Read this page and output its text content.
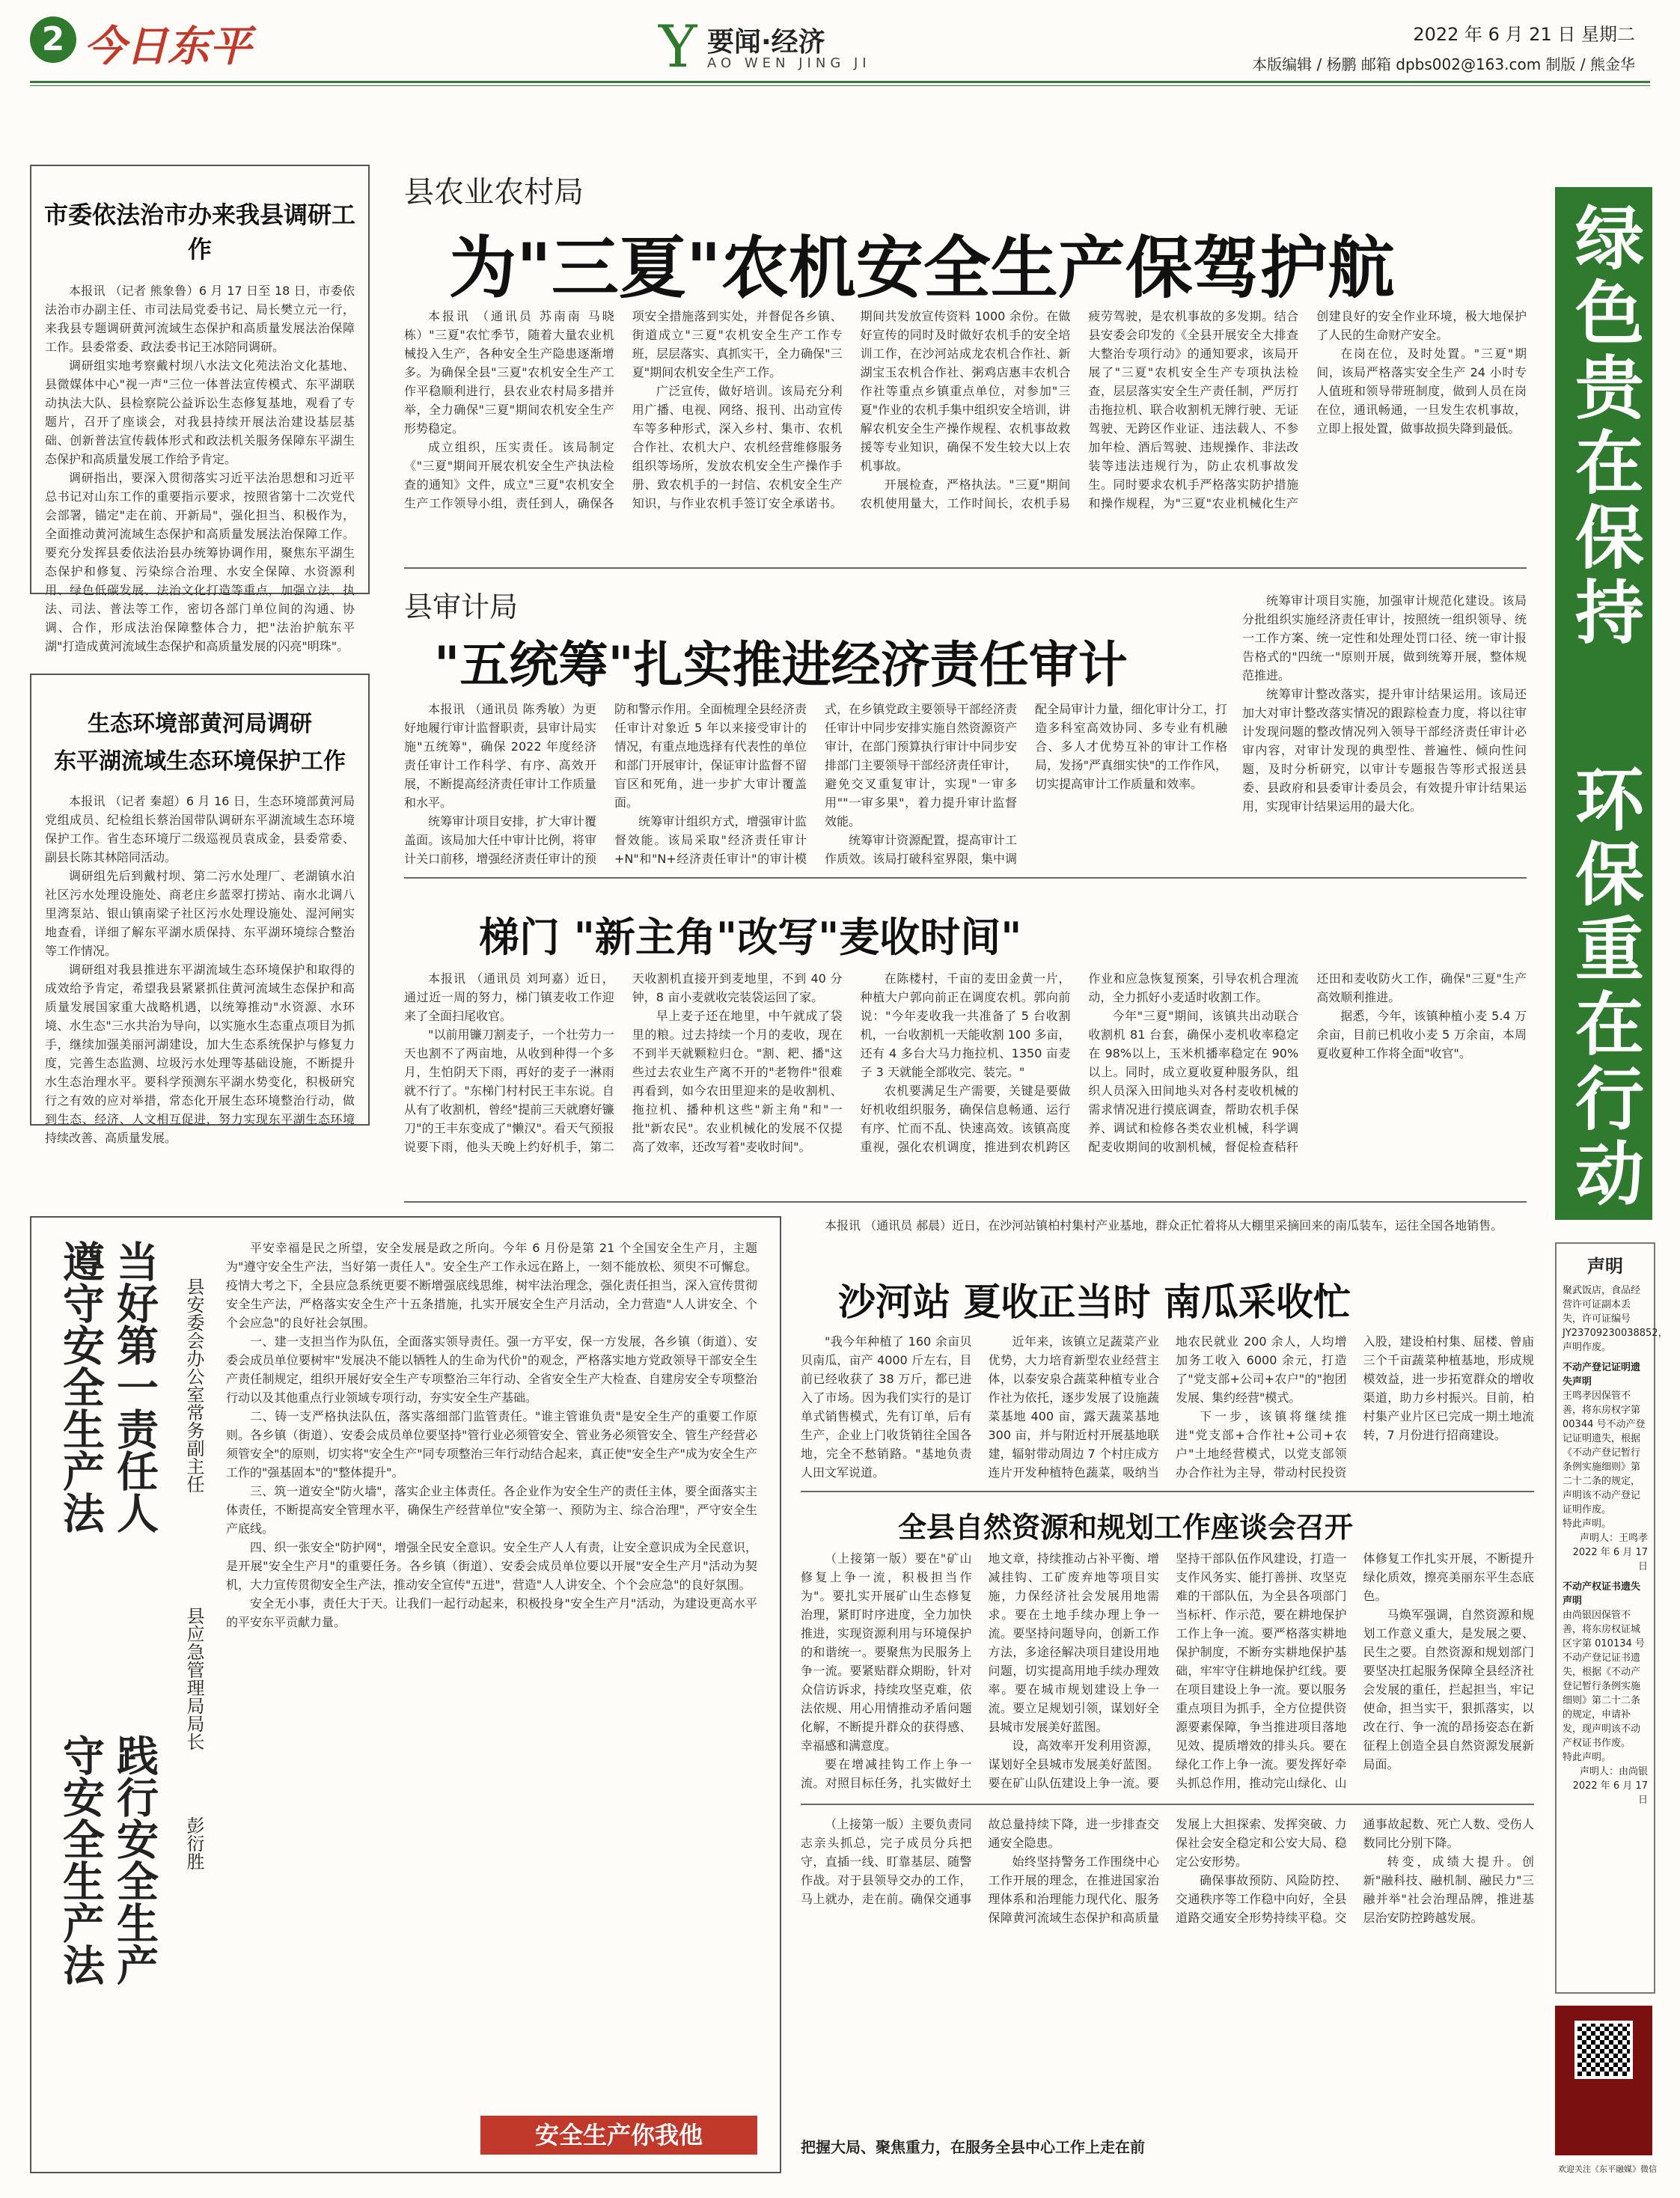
2 今日东平	Y 要闻·经济
AO WEN JING JI
2022 年 6 月 21 日 星期二
本版编辑 / 杨鹏 邮箱 dpbs002@163.com 制版 / 熊金华
市委依法治市办来我县调研工作

本报讯 （记者 熊象鲁）6 月 17 日至 18 日，市委依法治市办副主任、市司法局党委书记、局长樊立元一行，来我县专题调研黄河流域生态保护和高质量发展法治保障工作。县委常委、政法委书记王冰陪同调研。

调研组实地考察戴村坝八水法文化苑法治文化基地、县微媒体中心"视一声"三位一体普法宣传模式、东平湖联动执法大队、县检察院公益诉讼生态修复基地，观看了专题片，召开了座谈会，对我县持续开展法治建设基层基础、创新普法宣传载体形式和政法机关服务保障东平湖生态保护和高质量发展工作给予肯定。

调研指出，要深入贯彻落实习近平法治思想和习近平总书记对山东工作的重要指示要求，按照省第十二次党代会部署，锚定"走在前、开新局"，强化担当、积极作为，全面推动黄河流域生态保护和高质量发展法治保障工作。要充分发挥县委依法治县办统筹协调作用，聚焦东平湖生态保护和修复、污染综合治理、水安全保障、水资源利用、绿色低碳发展、法治文化打造等重点，加强立法、执法、司法、普法等工作，密切各部门单位间的沟通、协调、合作，形成法治保障整体合力，把"法治护航东平湖"打造成黄河流域生态保护和高质量发展的闪亮"明珠"。

生态环境部黄河局调研
东平湖流域生态环境保护工作

本报讯 （记者 秦超）6 月 16 日，生态环境部黄河局党组成员、纪检组长蔡治国带队调研东平湖流域生态环境保护工作。省生态环境厅二级巡视员袁成金，县委常委、副县长陈其林陪同活动。

调研组先后到戴村坝、第二污水处理厂、老湖镇水泊社区污水处理设施处、商老庄乡蓝翠打捞站、南水北调八里湾泵站、银山镇南梁子社区污水处理设施处、湿河闸实地查看，详细了解东平湖水质保持、东平湖环境综合整治等工作情况。

调研组对我县推进东平湖流域生态环境保护和取得的成效给予肯定，希望我县紧紧抓住黄河流域生态保护和高质量发展国家重大战略机遇，以统筹推动"水资源、水环境、水生态"三水共治为导向，以实施水生态重点项目为抓手，继续加强美丽河湖建设，加大生态系统保护与修复力度，完善生态监测、垃圾污水处理等基础设施，不断提升水生态治理水平。要科学预测东平湖水势变化，积极研究行之有效的应对举措，常态化开展生态环境整治行动，做到生态、经济、人文相互促进，努力实现东平湖生态环境持续改善、高质量发展。

县农业农村局
为"三夏"农机安全生产保驾护航

本报讯 （通讯员 苏南南 马晓栋）"三夏"农忙季节，随着大量农业机械投入生产，各种安全生产隐患逐渐增多。为确保全县"三夏"农机安全生产工作平稳顺利进行，县农业农村局多措并举，全力确保"三夏"期间农机安全生产形势稳定。

成立组织，压实责任。该局制定《"三夏"期间开展农机安全生产执法检查的通知》文件，成立"三夏"农机安全生产工作领导小组，责任到人，确保各项安全措施落到实处，并督促各乡镇、街道成立"三夏"农机安全生产工作专班，层层落实、真抓实干，全力确保"三夏"期间农机安全生产工作。

广泛宣传，做好培训。该局充分利用广播、电视、网络、报刊、出动宣传车等多种形式，深入乡村、集市、农机合作社、农机大户、农机经营维修服务组织等场所，发放农机安全生产操作手册、致农机手的一封信、农机安全生产知识，与作业农机手签订安全承诺书。期间共发放宣传资料 1000 余份。在做好宣传的同时及时做好农机手的安全培训工作，在沙河站成龙农机合作社、新湖宝玉农机合作社、粥鸡店惠丰农机合作社等重点乡镇重点单位，对参加"三夏"作业的农机手集中组织安全培训，讲解农机安全生产操作规程、农机事故救援等专业知识，确保不发生较大以上农机事故。

开展检查，严格执法。"三夏"期间农机使用量大，工作时间长，农机手易疲劳驾驶，是农机事故的多发期。结合县安委会印发的《全县开展安全大排查大整治专项行动》的通知要求，该局开展了"三夏"农机安全生产专项执法检查，层层落实安全生产责任制，严厉打击拖拉机、联合收割机无牌行驶、无证驾驶、无跨区作业证、违法载人、不参加年检、酒后驾驶、违规操作、非法改装等违法违规行为，防止农机事故发生。同时要求农机手严格落实防护措施和操作规程，为"三夏"农业机械化生产创建良好的安全作业环境，极大地保护了人民的生命财产安全。

在岗在位，及时处置。"三夏"期间，该局严格落实安全生产 24 小时专人值班和领导带班制度，做到人员在岗在位，通讯畅通，一旦发生农机事故，立即上报处置，做事故损失降到最低。

县审计局
"五统筹"扎实推进经济责任审计

本报讯 （通讯员 陈秀敏）为更好地履行审计监督职责，县审计局实施"五统筹"，确保 2022 年度经济责任审计工作科学、有序、高效开展，不断提高经济责任审计工作质量和水平。

统筹审计项目安排，扩大审计覆盖面。该局加大任中审计比例，将审计关口前移，增强经济责任审计的预防和警示作用。全面梳理全县经济责任审计对象近 5 年以来接受审计的情况，有重点地选择有代表性的单位和部门开展审计，保证审计监督不留盲区和死角，进一步扩大审计覆盖面。

统筹审计组织方式，增强审计监督效能。该局采取"经济责任审计+N"和"N+经济责任审计"的审计模式，在乡镇党政主要领导干部经济责任审计中同步安排实施自然资源资产审计，在部门预算执行审计中同步安排部门主要领导干部经济责任审计，避免交叉重复审计，实现"一审多用""一审多果"，着力提升审计监督效能。

统筹审计资源配置，提高审计工作质效。该局打破科室界限，集中调配全局审计力量，细化审计分工，打造多科室高效协同、多专业有机融合、多人才优势互补的审计工作格局，发扬"严真细实快"的工作作风，切实提高审计工作质量和效率。

统筹审计项目实施，加强审计规范化建设。该局分批组织实施经济责任审计，按照统一组织领导、统一工作方案、统一定性和处理处罚口径、统一审计报告格式的"四统一"原则开展，做到统筹开展，整体规范推进。

统筹审计整改落实，提升审计结果运用。该局还加大对审计整改落实情况的跟踪检查力度，将以往审计发现问题的整改情况列入领导干部经济责任审计必审内容，对审计发现的典型性、普遍性、倾向性问题，及时分析研究，以审计专题报告等形式报送县委、县政府和县委审计委员会，有效提升审计结果运用，实现审计结果运用的最大化。

梯门 "新主角"改写"麦收时间"

本报讯 （通讯员 刘珂嘉）近日，通过近一周的努力，梯门镇麦收工作迎来了全面扫尾收官。

"以前用镰刀割麦子，一个壮劳力一天也割不了两亩地，从收到种得一个多月，生怕阴天下雨，再好的麦子一淋雨就不行了。"东梯门村村民王丰东说。自从有了收割机，曾经"提前三天就磨好镰刀"的王丰东变成了"懒汉"。看天气预报说要下雨，他头天晚上约好机手，第二天收割机直接开到麦地里，不到 40 分钟，8 亩小麦就收完装袋运回了家。

早上麦子还在地里，中午就成了袋里的粮。过去持续一个月的麦收，现在不到半天就颗粒归仓。"割、耙、播"这些过去农业生产离不开的"老物件"很难再看到，如今农田里迎来的是收割机、拖拉机、播种机这些"新主角"和"一批"新农民"。农业机械化的发展不仅提高了效率，还改写着"麦收时间"。

在陈楼村，千亩的麦田金黄一片，种植大户郭向前正在调度农机。郭向前说："今年麦收我一共准备了 5 台收割机，一台收割机一天能收割 100 多亩，还有 4 多台大马力拖拉机、1350 亩麦子 3 天就能全部收完、装完。"

农机要满足生产需要，关键是要做好机收组织服务，确保信息畅通、运行有序、忙而不乱、快速高效。该镇高度重视，强化农机调度，推进到农机跨区作业和应急恢复预案，引导农机合理流动，全力抓好小麦适时收割工作。

今年"三夏"期间，该镇共出动联合收割机 81 台套，确保小麦机收率稳定在 98%以上，玉米机播率稳定在 90%以上。同时，成立夏收夏种服务队，组织人员深入田间地头对各村麦收机械的需求情况进行摸底调查，帮助农机手保养、调试和检修各类农业机械，科学调配麦收期间的收割机械，督促检查秸秆还田和麦收防火工作，确保"三夏"生产高效顺利推进。

据悉，今年，该镇种植小麦 5.4 万余亩，目前已机收小麦 5 万余亩，本周夏收夏种工作将全面"收官"。

当好第一责任人
遵守安全生产法
践行安全生产
守安全生产法
县安委会办公室常务副主任
县应急管理局局长
彭衍胜

平安幸福是民之所望，安全发展是政之所向。今年 6 月份是第 21 个全国安全生产月，主题为"遵守安全生产法，当好第一责任人"。安全生产工作永远在路上，一刻不能放松、须臾不可懈怠。疫情大考之下，全县应急系统更要不断增强底线思维，树牢法治理念，强化责任担当，深入宣传贯彻安全生产法，严格落实安全生产十五条措施，扎实开展安全生产月活动，全力营造"人人讲安全、个个会应急"的良好社会氛围。

一、建一支担当作为队伍，全面落实领导责任。强一方平安，保一方发展，各乡镇（街道）、安委会成员单位要树牢"发展决不能以牺牲人的生命为代价"的观念，严格落实地方党政领导干部安全生产责任制规定，组织开展好安全生产专项整治三年行动、全省安全生产大检查、自建房安全专项整治行动以及其他重点行业领域专项行动，夯实安全生产基础。

二、铸一支严格执法队伍，落实落细部门监管责任。"谁主管谁负责"是安全生产的重要工作原则。各乡镇（街道）、安委会成员单位要坚持"管行业必须管安全、管业务必须管安全、管生产经营必须管安全"的原则，切实将"安全生产"同专项整治三年行动结合起来，真正使"安全生产"成为安全生产工作的"强基固本"的"整体提升"。

三、筑一道安全"防火墙"，落实企业主体责任。各企业作为安全生产的责任主体，要全面落实主体责任，不断提高安全管理水平，确保生产经营单位"安全第一、预防为主、综合治理"，严守安全生产底线。

四、织一张安全"防护网"，增强全民安全意识。安全生产人人有责，让安全意识成为全民意识，是开展"安全生产月"的重要任务。各乡镇（街道）、安委会成员单位要以开展"安全生产月"活动为契机，大力宣传贯彻安全生产法，推动安全宣传"五进"，营造"人人讲安全、个个会应急"的良好氛围。

安全无小事，责任大于天。让我们一起行动起来，积极投身"安全生产月"活动，为建设更高水平的平安东平贡献力量。

安全生产你我他

本报讯 （通讯员 郝晨）近日，在沙河站镇柏村集村产业基地，群众正忙着将从大棚里采摘回来的南瓜装车，运往全国各地销售。

沙河站 夏收正当时 南瓜采收忙

"我今年种植了 160 余亩贝贝南瓜，亩产 4000 斤左右，目前已经收获了 38 万斤，都已进入了市场。因为我们实行的是订单式销售模式，先有订单，后有生产，企业上门收货销往全国各地，完全不愁销路。"基地负责人田文军说道。

近年来，该镇立足蔬菜产业优势，大力培育新型农业经营主体，以泰安泉合蔬菜种植专业合作社为依托，逐步发展了设施蔬菜基地 400 亩，露天蔬菜基地 300 亩，并与附近村开展基地联建，辐射带动周边 7 个村庄成方连片开发种植特色蔬菜，吸纳当地农民就业 200 余人，人均增加务工收入 6000 余元，打造了"党支部+公司+农户"的"抱团发展、集约经营"模式。

下一步，该镇将继续推进"党支部+合作社+公司+农户"土地经营模式，以党支部领办合作社为主导，带动村民投资入股，建设柏村集、屈楼、曾庙三个千亩蔬菜种植基地，形成规模效益，进一步拓宽群众的增收渠道，助力乡村振兴。目前，柏村集产业片区已完成一期土地流转，7 月份进行招商建设。

全县自然资源和规划工作座谈会召开

（上接第一版）要在"矿山修复上争一流，积极担当作为"。要扎实开展矿山生态修复治理，紧盯时序进度，全力加快推进，实现资源利用与环境保护的和谐统一。要聚焦为民服务上争一流。要紧贴群众期盼，针对众信访诉求，持续攻坚克难，依法依规、用心用情推动矛盾问题化解，不断提升群众的获得感、幸福感和满意度。

要在增减挂钩工作上争一流。对照目标任务，扎实做好土地文章，持续推动占补平衡、增减挂钩、工矿废弃地等项目实施，力保经济社会发展用地需求。要在土地手续办理上争一流。要坚持问题导向，创新工作方法，多途径解决项目建设用地问题，切实提高用地手续办理效率。要在城市规划建设上争一流。要立足规划引领，谋划好全县城市发展美好蓝图。

设，高效率开发利用资源，谋划好全县城市发展美好蓝图。要在矿山队伍建设上争一流。要坚持干部队伍作风建设，打造一支作风务实、能打善拼、攻坚克难的干部队伍，为全县各项部门当标杆、作示范，要在耕地保护工作上争一流。要严格落实耕地保护制度，不断夯实耕地保护基础，牢牢守住耕地保护红线。要在项目建设上争一流。要以服务重点项目为抓手，全方位提供资源要素保障，争当推进项目落地见效、提质增效的排头兵。要在绿化工作上争一流。要发挥好牵头抓总作用，推动完山绿化、山体修复工作扎实开展，不断提升绿化质效，擦亮美丽东平生态底色。

马焕军强调，自然资源和规划工作意义重大，是发展之要、民生之要。自然资源和规划部门要坚决扛起服务保障全县经济社会发展的重任，拦起担当，牢记使命，担当实干，狠抓落实，以改在行、争一流的昂扬姿态在新征程上创造全县自然资源发展新局面。

（上接第一版）主要负责同志亲头抓总，完子成员分兵把守，直插一线、盯靠基层、随警作战。对于县领导交办的工作，马上就办，走在前。确保交通事故总量持续下降，进一步排查交通安全隐患。

始终坚持警务工作围绕中心工作开展的理念，在推进国家治理体系和治理能力现代化、服务保障黄河流域生态保护和高质量发展上大担探索、发挥突破、力保社会安全稳定和公安大局、稳定公安形势。

确保事故预防、风险防控、交通秩序等工作稳中向好，全县道路交通安全形势持续平稳。交通事故起数、死亡人数、受伤人数同比分别下降。

转变，成绩大提升。创新"融科技、融机制、融民力"三融并举"社会治理品牌，推进基层治安防控跨越发展。

把握大局、聚焦重力，在服务全县中心工作上走在前
绿色贵在保持
环保重在行动
声明
聚武饭店，食品经营许可证副本丢失，许可证编号 JY23709230038852，声明作废。
不动产登记证明遗失声明
王鸣孝因保管不善，将东房权字第 00344 号不动产登记证明遗失，根据《不动产登记暂行条例实施细则》第二十二条的规定，声明该不动产登记证明作废。
特此声明。
声明人：王鸣孝
2022 年 6 月 17 日
不动产权证书遗失声明
由尚银因保管不善，将东房权证城区字第 010134 号不动产登记证书遗失，根据《不动产登记暂行条例实施细则》第二十二条的规定，申请补发，现声明该不动产权证书作废。
特此声明。
声明人：由尚银
2022 年 6 月 17 日
欢迎关注《东平融媒》微信
